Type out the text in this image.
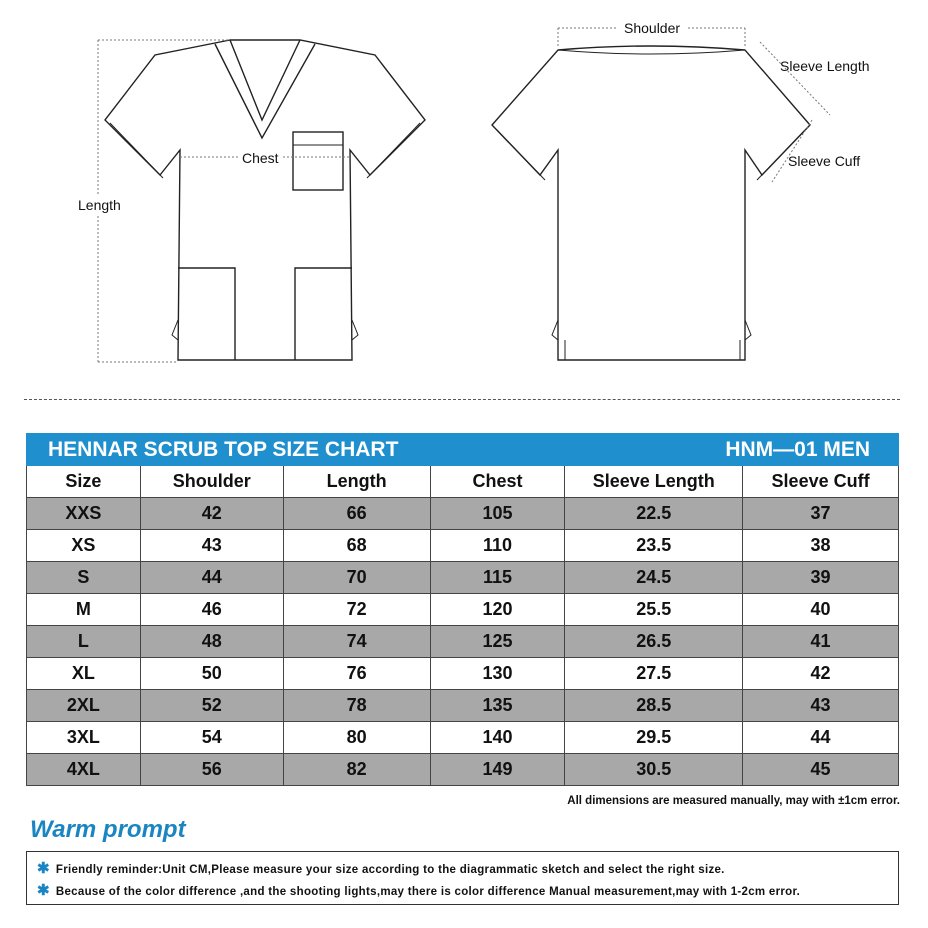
Length
Chest
Shoulder
Sleeve Length
Sleeve Cuff
HENNAR SCRUB TOP SIZE CHART				HNM—01 MEN	
Size	Shoulder	Length	Chest	Sleeve Length	Sleeve Cuff
XXS	42	66	105	22.5	37
XS	43	68	110	23.5	38
S	44	70	115	24.5	39
M	46	72	120	25.5	40
L	48	74	125	26.5	41
XL	50	76	130	27.5	42
2XL	52	78	135	28.5	43
3XL	54	80	140	29.5	44
4XL	56	82	149	30.5	45
All dimensions are measured manually, may with ±1cm error.
Warm prompt
✱ Friendly reminder:Unit CM,Please measure your size according to the diagrammatic sketch and select the right size.
✱ Because of the color difference ,and the shooting lights,may there is color difference Manual measurement,may with 1-2cm error.
